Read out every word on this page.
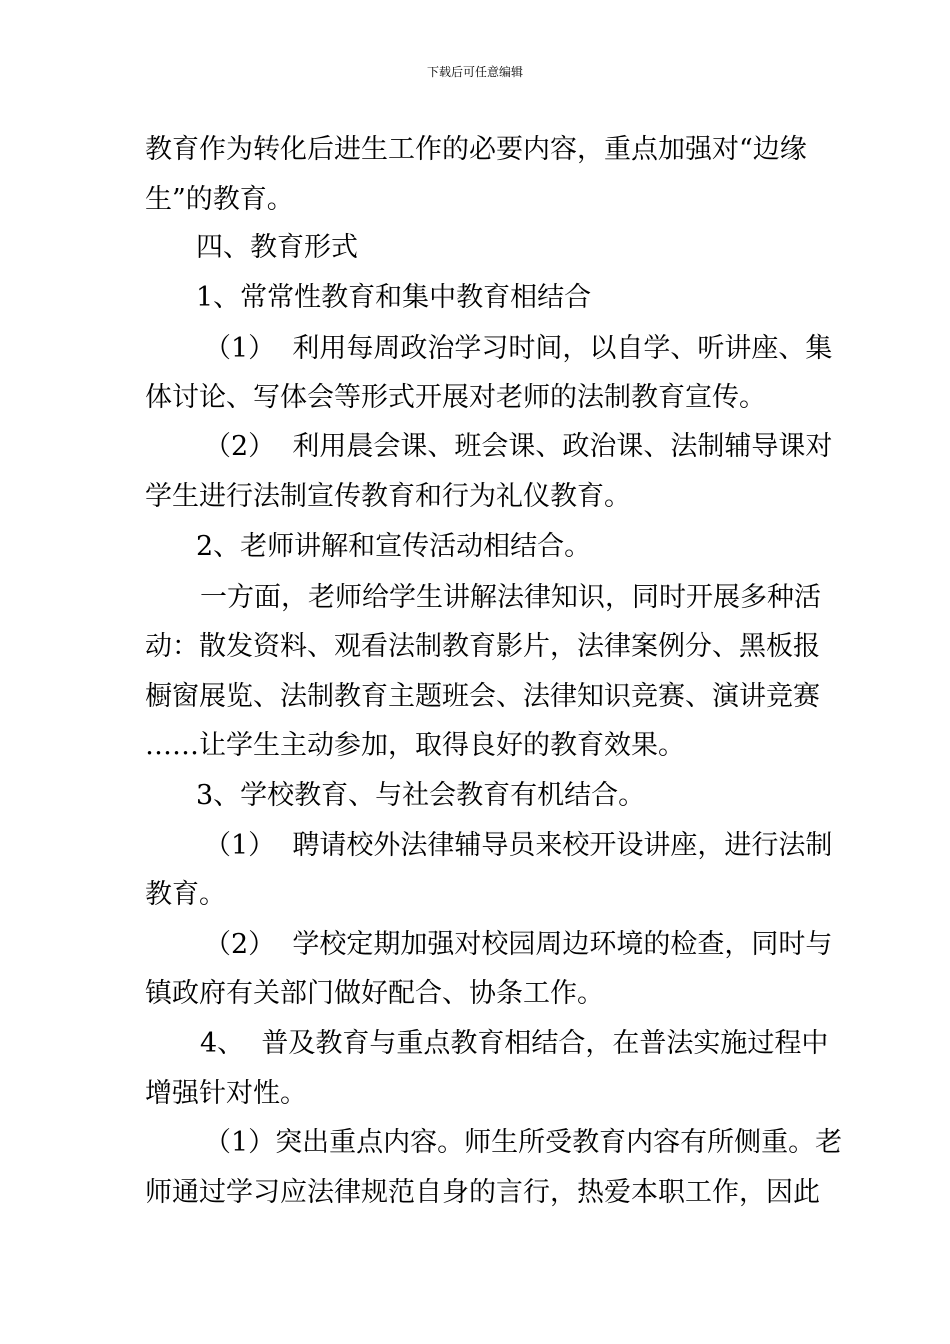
下载后可任意编辑
教育作为转化后进生工作的必要内容，重点加强对“边缘
生”的教育。
四、教育形式
1、常常性教育和集中教育相结合
（1）  利用每周政治学习时间，以自学、听讲座、集
体讨论、写体会等形式开展对老师的法制教育宣传。
（2）  利用晨会课、班会课、政治课、法制辅导课对
学生进行法制宣传教育和行为礼仪教育。
2、老师讲解和宣传活动相结合。
一方面，老师给学生讲解法律知识，同时开展多种活
动：散发资料、观看法制教育影片，法律案例分、黑板报
橱窗展览、法制教育主题班会、法律知识竞赛、演讲竞赛
……让学生主动参加，取得良好的教育效果。
3、学校教育、与社会教育有机结合。
（1）  聘请校外法律辅导员来校开设讲座，进行法制
教育。
（2）  学校定期加强对校园周边环境的检查，同时与
镇政府有关部门做好配合、协条工作。
4、  普及教育与重点教育相结合，在普法实施过程中
增强针对性。
（1）突出重点内容。师生所受教育内容有所侧重。老
师通过学习应法律规范自身的言行，热爱本职工作，因此
